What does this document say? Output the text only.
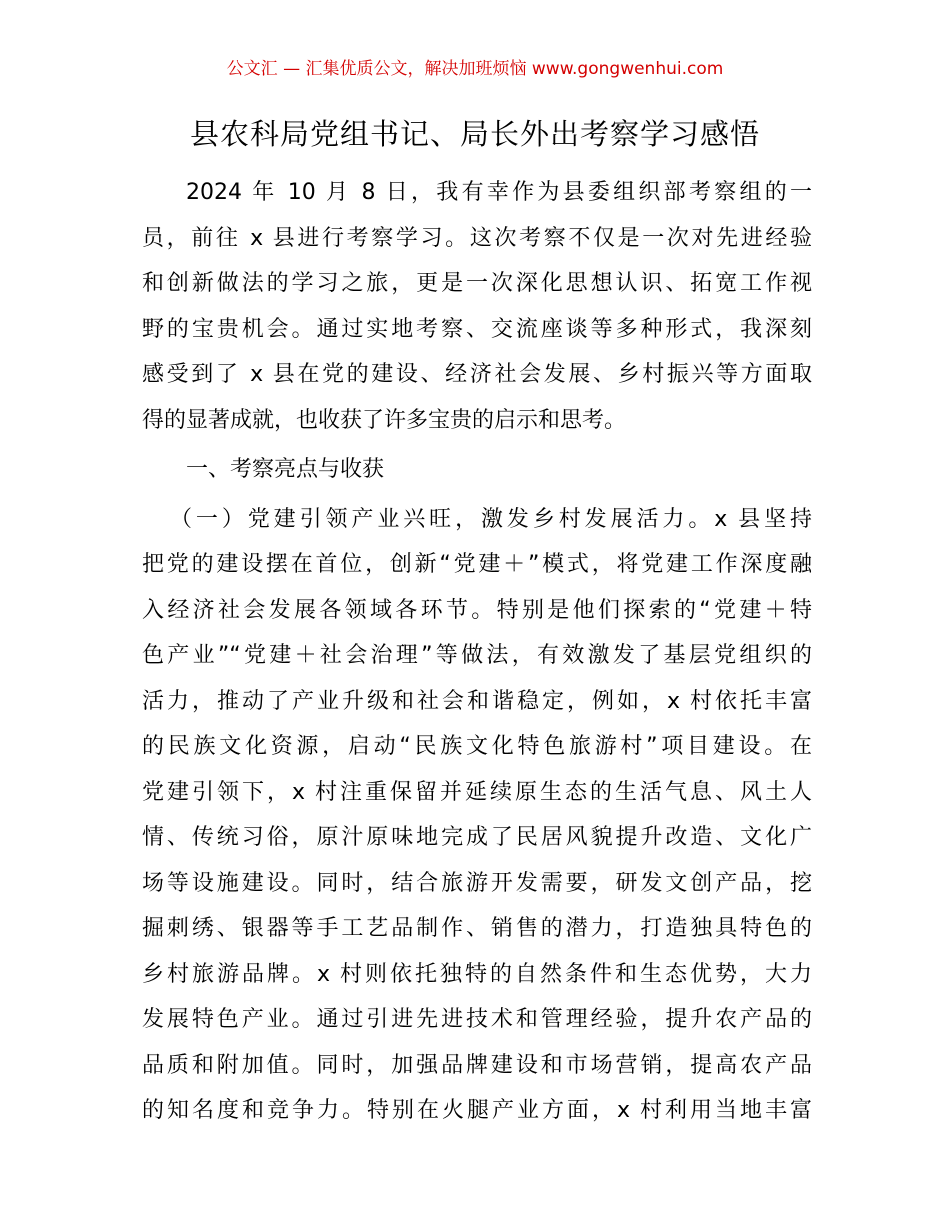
公文汇 — 汇集优质公文，解决加班烦恼 www.gongwenhui.com
县农科局党组书记、局长外出考察学习感悟
2024 年 10 月 8 日，我有幸作为县委组织部考察组的一
员，前往 x 县进行考察学习。这次考察不仅是一次对先进经验
和创新做法的学习之旅，更是一次深化思想认识、拓宽工作视
野的宝贵机会。通过实地考察、交流座谈等多种形式，我深刻
感受到了 x 县在党的建设、经济社会发展、乡村振兴等方面取
得的显著成就，也收获了许多宝贵的启示和思考。
一、考察亮点与收获
（一）党建引领产业兴旺，激发乡村发展活力。x 县坚持
把党的建设摆在首位，创新“党建＋”模式，将党建工作深度融
入经济社会发展各领域各环节。特别是他们探索的“党建＋特
色产业”“党建＋社会治理”等做法，有效激发了基层党组织的
活力，推动了产业升级和社会和谐稳定，例如，x 村依托丰富
的民族文化资源，启动“民族文化特色旅游村”项目建设。在
党建引领下，x 村注重保留并延续原生态的生活气息、风土人
情、传统习俗，原汁原味地完成了民居风貌提升改造、文化广
场等设施建设。同时，结合旅游开发需要，研发文创产品，挖
掘刺绣、银器等手工艺品制作、销售的潜力，打造独具特色的
乡村旅游品牌。x 村则依托独特的自然条件和生态优势，大力
发展特色产业。通过引进先进技术和管理经验，提升农产品的
品质和附加值。同时，加强品牌建设和市场营销，提高农产品
的知名度和竞争力。特别在火腿产业方面，x 村利用当地丰富
